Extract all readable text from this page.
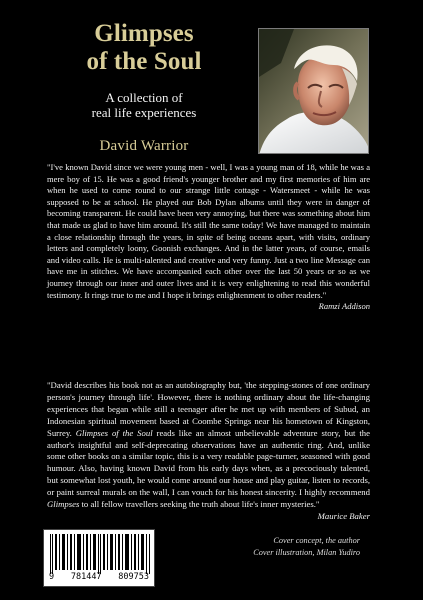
Glimpses
of the Soul
A collection of
real life experiences
David Warrior

"I've known David since we were young men - well, I was a young man of 18, while he was a mere boy of 15. He was a good friend's younger brother and my first memories of him are when he used to come round to our strange little cottage - Watersmeet - while he was supposed to be at school. He played our Bob Dylan albums until they were in danger of becoming transparent. He could have been very annoying, but there was something about him that made us glad to have him around. It's still the same today! We have managed to maintain a close relationship through the years, in spite of being oceans apart, with visits, ordinary letters and completely loony, Goonish exchanges. And in the latter years, of course, emails and video calls. He is multi-talented and creative and very funny. Just a two line Message can have me in stitches. We have accompanied each other over the last 50 years or so as we journey through our inner and outer lives and it is very enlightening to read this wonderful testimony. It rings true to me and I hope it brings enlightenment to other readers."
Ramzi Addison

"David describes his book not as an autobiography but, 'the stepping-stones of one ordinary person's journey through life'. However, there is nothing ordinary about the life-changing experiences that began while still a teenager after he met up with members of Subud, an Indonesian spiritual movement based at Coombe Springs near his hometown of Kingston, Surrey. Glimpses of the Soul reads like an almost unbelievable adventure story, but the author's insightful and self-deprecating observations have an authentic ring. And, unlike some other books on a similar topic, this is a very readable page-turner, seasoned with good humour. Also, having known David from his early days when, as a precociously talented, but somewhat lost youth, he would come around our house and play guitar, listen to records, or paint surreal murals on the wall, I can vouch for his honest sincerity. I highly recommend Glimpses to all fellow travellers seeking the truth about life's inner mysteries."
Maurice Baker

9 781447 809753
Cover concept, the author
Cover illustration, Milan Yudiro
